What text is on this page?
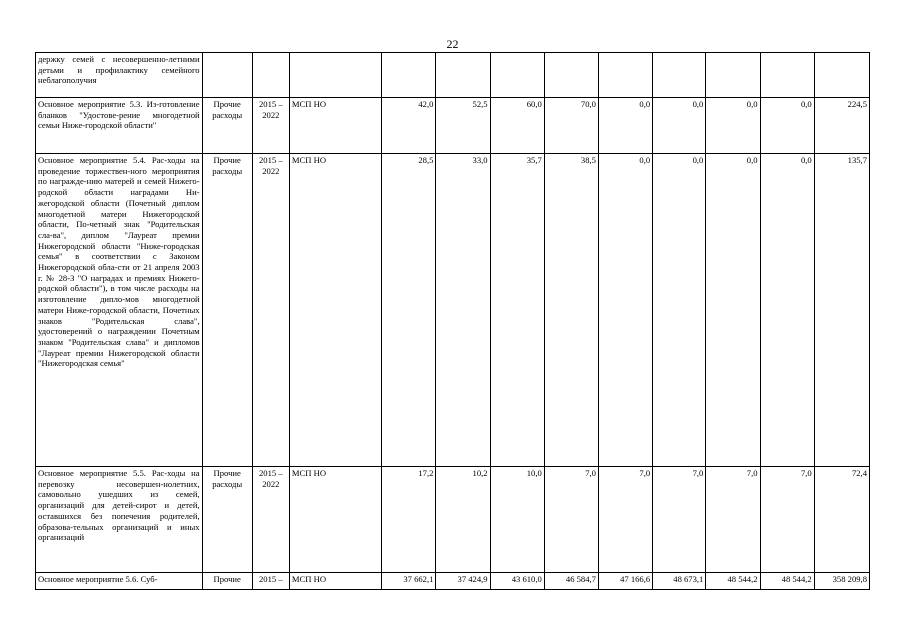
22
держку семей с несовершенно-летними детьми и профилактику семейного неблагополучия												
Основное мероприятие 5.3. Из-готовление бланков "Удостове-рение многодетной семьи Ниже-городской области"	Прочие расходы	2015 – 2022	МСП НО	42,0	52,5	60,0	70,0	0,0	0,0	0,0	0,0	224,5
Основное мероприятие 5.4. Рас-ходы на проведение торжествен-ного мероприятия по награжде-нию матерей и семей Нижего-родской области наградами Ни-жегородской области (Почетный диплом многодетной матери Нижегородской области, По-четный знак "Родительская сла-ва", диплом "Лауреат премии Нижегородской области "Ниже-городская семья" в соответствии с Законом Нижегородской обла-сти от 21 апреля 2003 г. № 28-З "О наградах и премиях Нижего-родской области"), в том числе расходы на изготовление дипло-мов многодетной матери Ниже-городской области, Почетных знаков "Родительская слава", удостоверений о награждении Почетным знаком "Родительская слава" и дипломов "Лауреат премии Нижегородской области "Нижегородская семья"	Прочие расходы	2015 – 2022	МСП НО	28,5	33,0	35,7	38,5	0,0	0,0	0,0	0,0	135,7
Основное мероприятие 5.5. Рас-ходы на перевозку несовершен-нолетних, самовольно ушедших из семей, организаций для детей-сирот и детей, оставшихся без попечения родителей, образова-тельных организаций и иных организаций	Прочие расходы	2015 – 2022	МСП НО	17,2	10,2	10,0	7,0	7,0	7,0	7,0	7,0	72,4
Основное мероприятие 5.6. Суб-	Прочие	2015 –	МСП НО	37 662,1	37 424,9	43 610,0	46 584,7	47 166,6	48 673,1	48 544,2	48 544,2	358 209,8
